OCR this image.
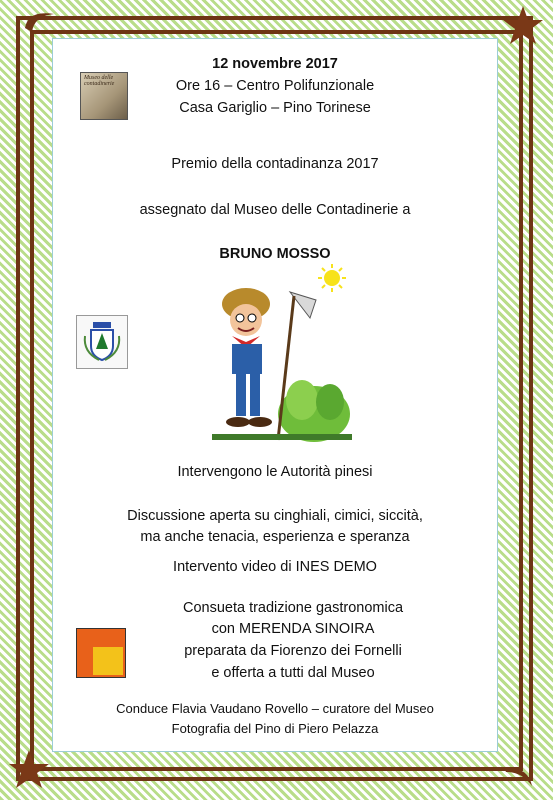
Museo delle contadinerie
12 novembre 2017
Ore 16 – Centro Polifunzionale
Casa Gariglio – Pino Torinese
Premio della contadinanza 2017
assegnato dal Museo delle Contadinerie a
BRUNO MOSSO
Intervengono le Autorità pinesi
Discussione aperta su cinghiali, cimici, siccità,
ma anche tenacia, esperienza e speranza
Intervento video di INES DEMO
Consueta tradizione gastronomica
con MERENDA SINOIRA
preparata da Fiorenzo dei Fornelli
e offerta a tutti dal Museo
Conduce Flavia Vaudano Rovello – curatore del Museo
Fotografia del Pino di Piero Pelazza
